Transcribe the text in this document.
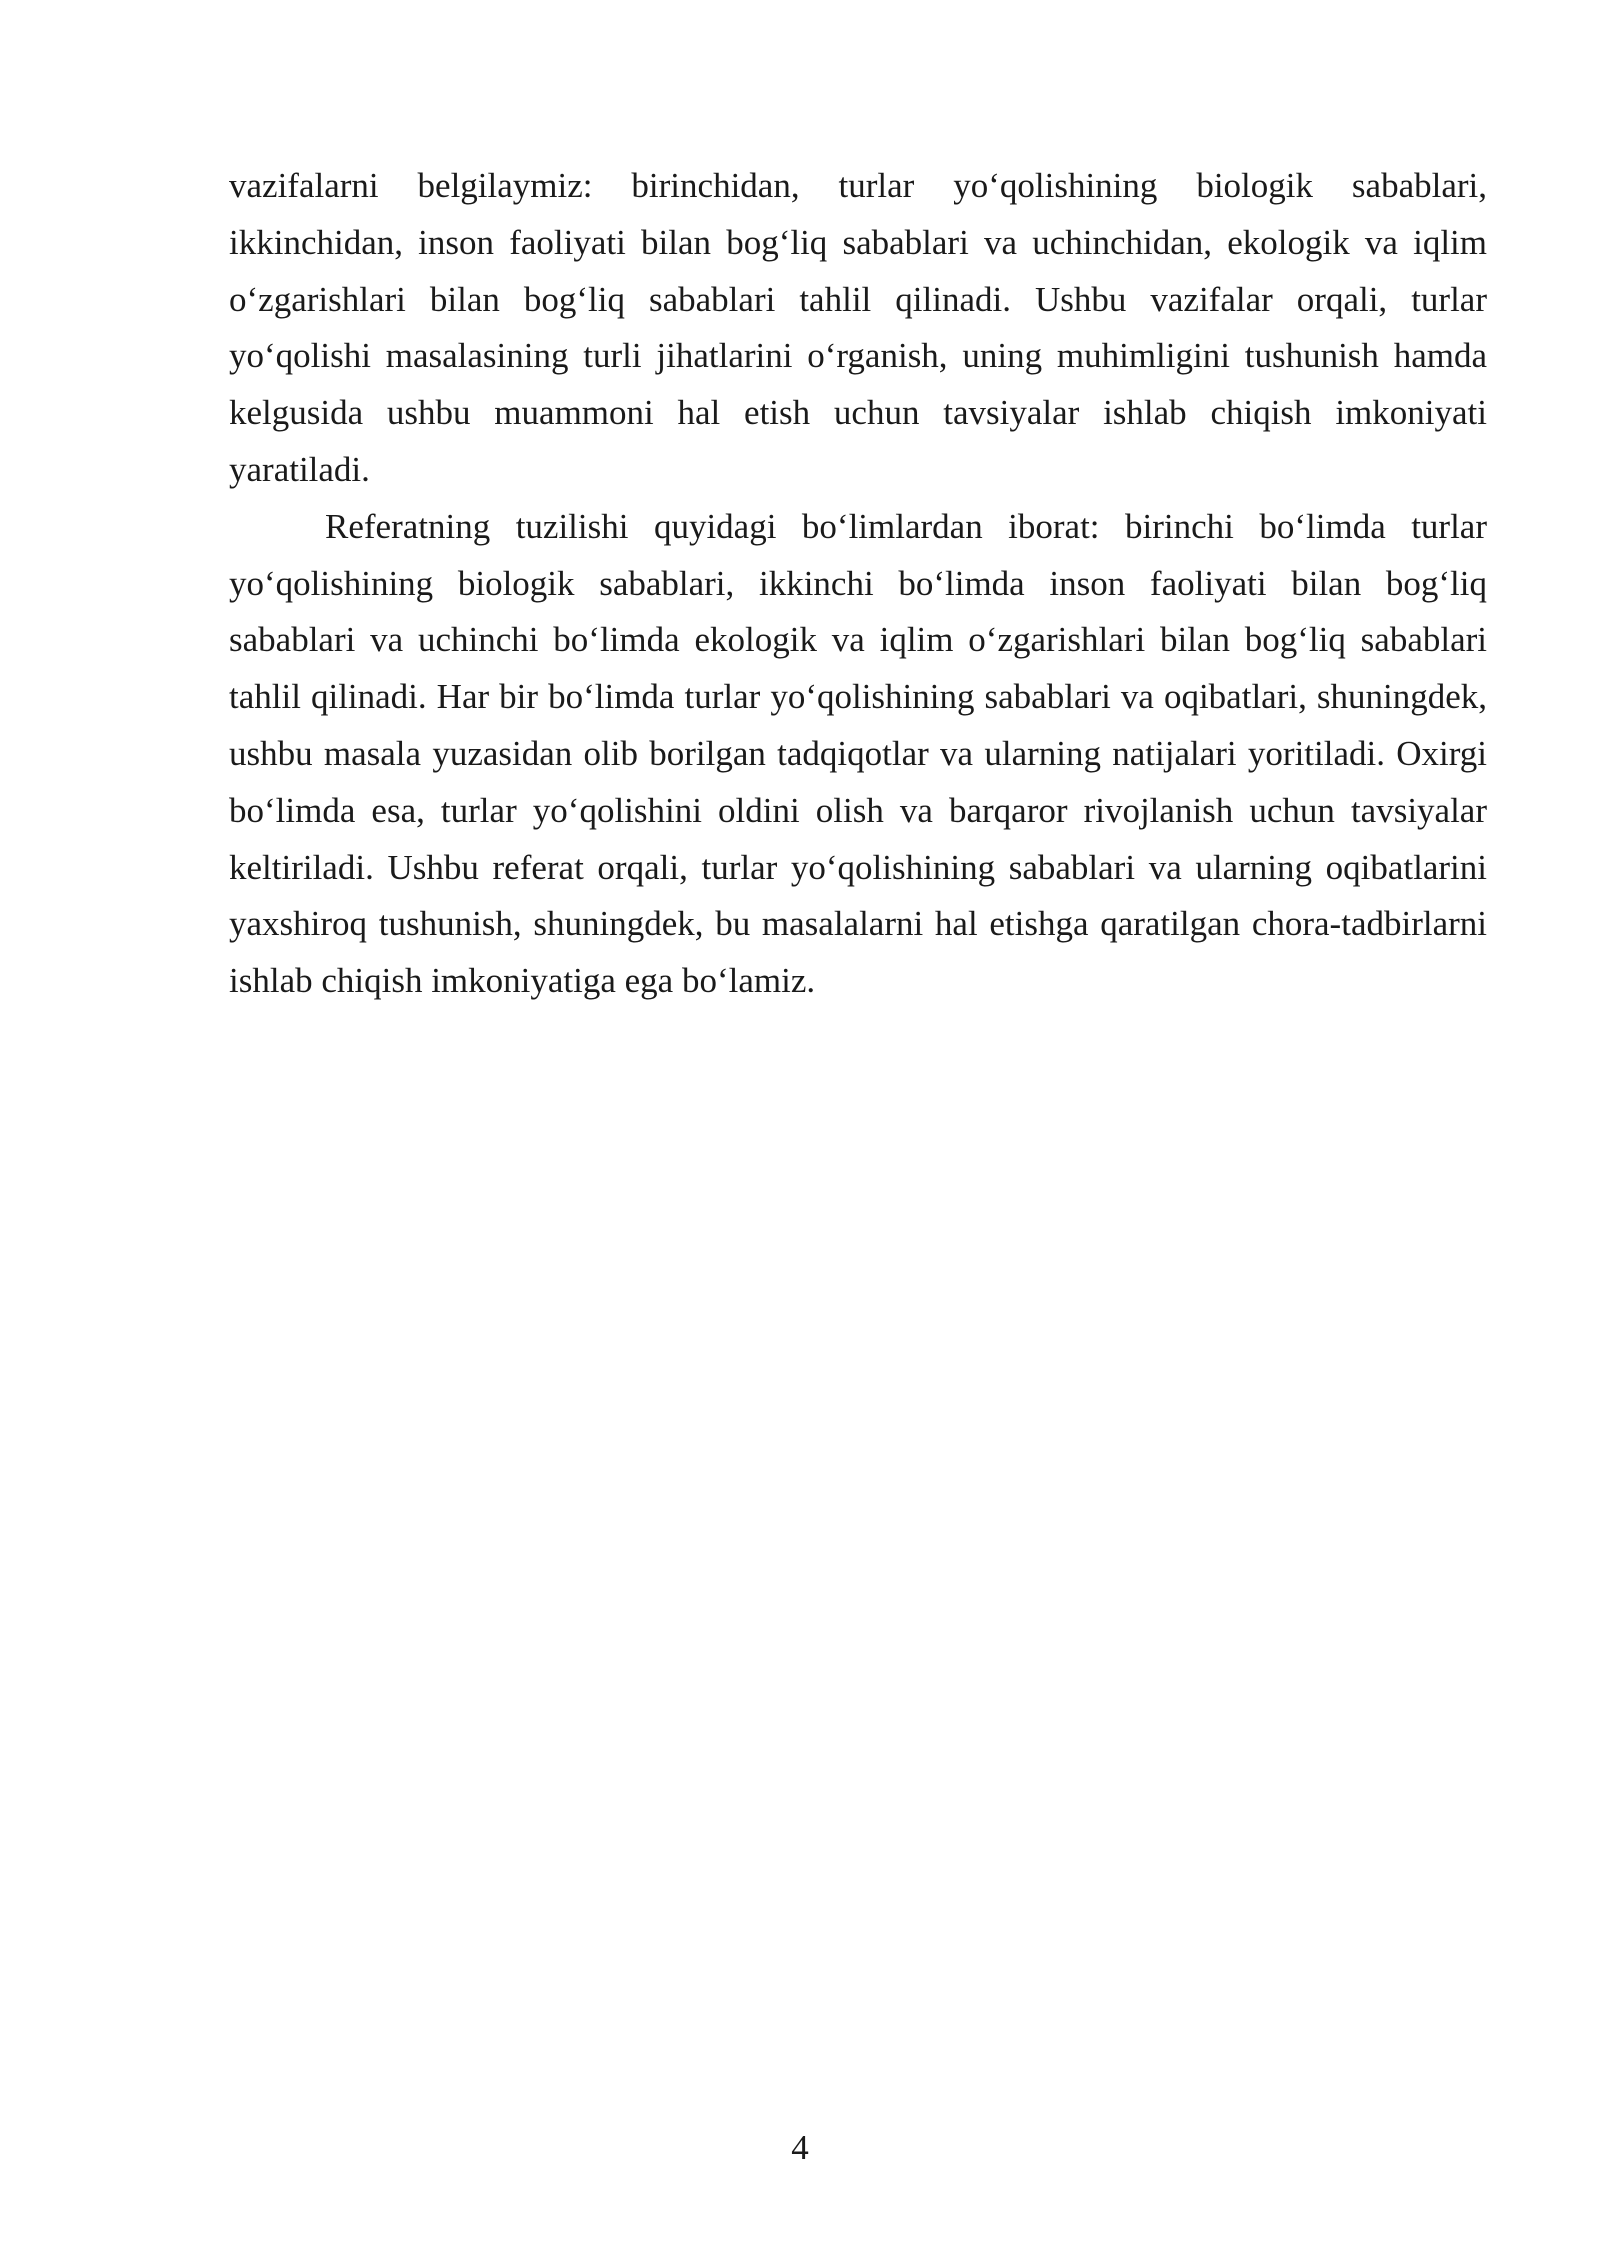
vazifalarni belgilaymiz: birinchidan, turlar yo‘qolishining biologik sabablari, ikkinchidan, inson faoliyati bilan bog‘liq sabablari va uchinchidan, ekologik va iqlim o‘zgarishlari bilan bog‘liq sabablari tahlil qilinadi. Ushbu vazifalar orqali, turlar yo‘qolishi masalasining turli jihatlarini o‘rganish, uning muhimligini tushunish hamda kelgusida ushbu muammoni hal etish uchun tavsiyalar ishlab chiqish imkoniyati yaratiladi.

Referatning tuzilishi quyidagi bo‘limlardan iborat: birinchi bo‘limda turlar yo‘qolishining biologik sabablari, ikkinchi bo‘limda inson faoliyati bilan bog‘liq sabablari va uchinchi bo‘limda ekologik va iqlim o‘zgarishlari bilan bog‘liq sabablari tahlil qilinadi. Har bir bo‘limda turlar yo‘qolishining sabablari va oqibatlari, shuningdek, ushbu masala yuzasidan olib borilgan tadqiqotlar va ularning natijalari yoritiladi. Oxirgi bo‘limda esa, turlar yo‘qolishini oldini olish va barqaror rivojlanish uchun tavsiyalar keltiriladi. Ushbu referat orqali, turlar yo‘qolishining sabablari va ularning oqibatlarini yaxshiroq tushunish, shuningdek, bu masalalarni hal etishga qaratilgan chora-tadbirlarni ishlab chiqish imkoniyatiga ega bo‘lamiz.

4
